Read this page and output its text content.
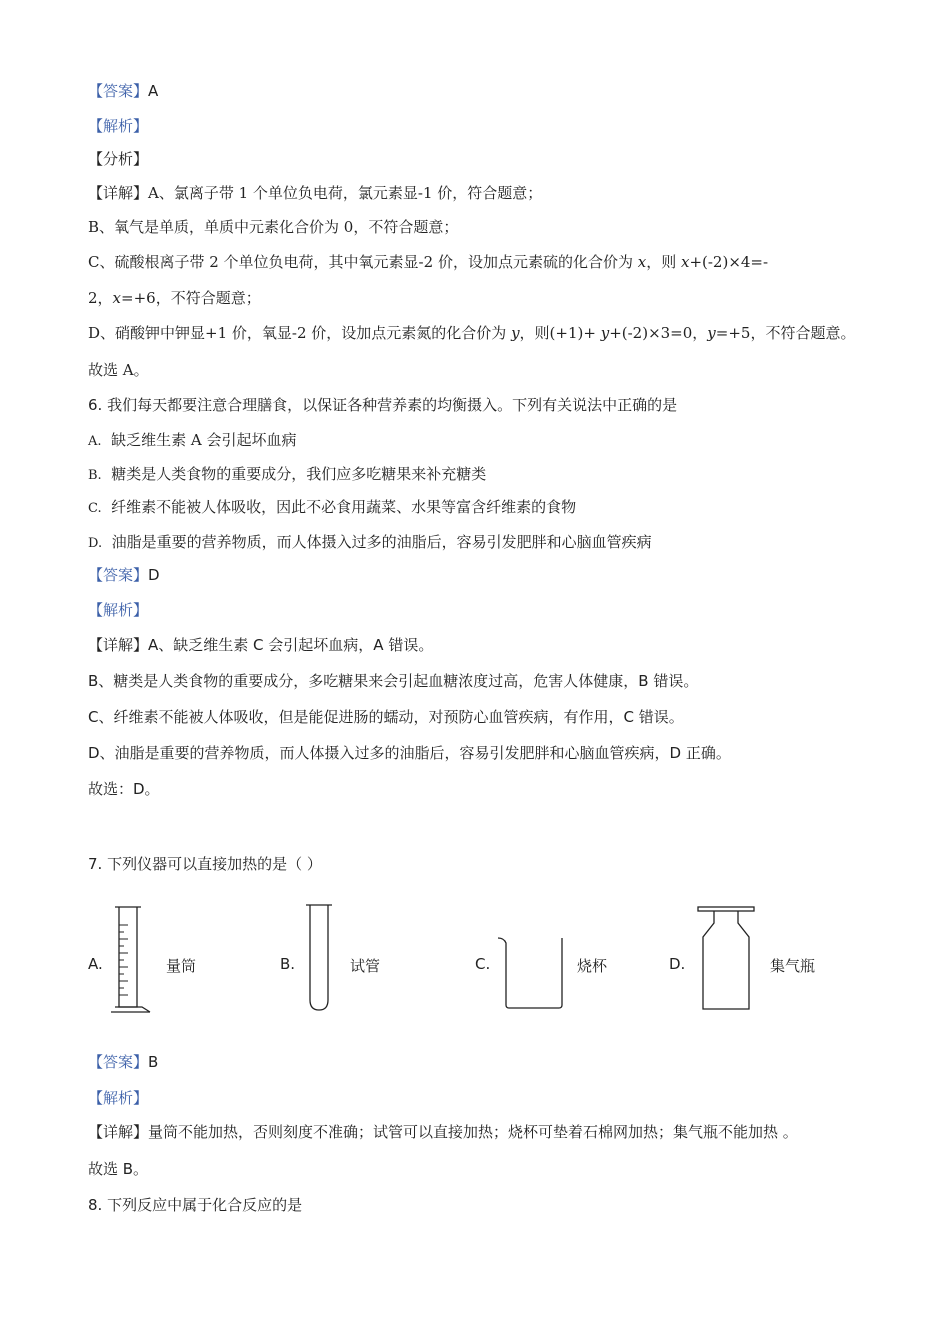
【答案】A
【解析】
【分析】
【详解】A、氯离子带 1 个单位负电荷，氯元素显-1 价，符合题意；
B、氧气是单质，单质中元素化合价为 0，不符合题意；
C、硫酸根离子带 2 个单位负电荷，其中氧元素显-2 价，设加点元素硫的化合价为 x，则 x+(-2)×4=-
2，x=+6，不符合题意；
D、硝酸钾中钾显+1 价，氧显-2 价，设加点元素氮的化合价为 y，则(+1)+ y+(-2)×3=0，y=+5，不符合题意。
故选 A。
6. 我们每天都要注意合理膳食，以保证各种营养素的均衡摄入。下列有关说法中正确的是
A. 缺乏维生素 A 会引起坏血病
B. 糖类是人类食物的重要成分，我们应多吃糖果来补充糖类
C. 纤维素不能被人体吸收，因此不必食用蔬菜、水果等富含纤维素的食物
D. 油脂是重要的营养物质，而人体摄入过多的油脂后，容易引发肥胖和心脑血管疾病
【答案】D
【解析】
【详解】A、缺乏维生素 C 会引起坏血病，A 错误。
B、糖类是人类食物的重要成分，多吃糖果来会引起血糖浓度过高，危害人体健康，B 错误。
C、纤维素不能被人体吸收，但是能促进肠的蠕动，对预防心血管疾病，有作用，C 错误。
D、油脂是重要的营养物质，而人体摄入过多的油脂后，容易引发肥胖和心脑血管疾病，D 正确。
故选：D。
7. 下列仪器可以直接加热的是（ ）
A.	量筒	B.	试管	C.	烧杯	D.	集气瓶
【答案】B
【解析】
【详解】量筒不能加热，否则刻度不准确；试管可以直接加热；烧杯可垫着石棉网加热；集气瓶不能加热 。
故选 B。
8. 下列反应中属于化合反应的是
